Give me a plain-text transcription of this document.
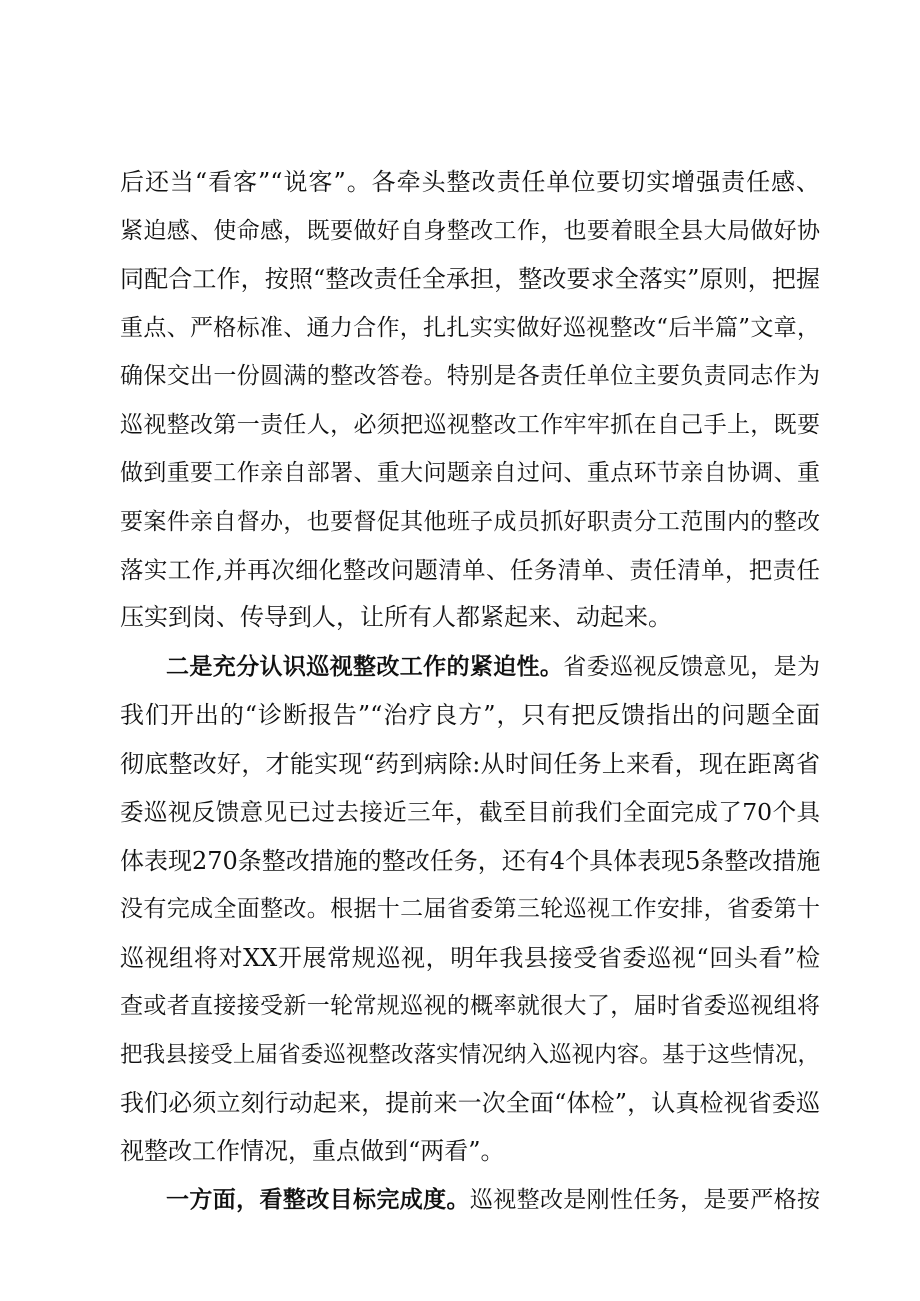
后还当“看客”“说客”。各牵头整改责任单位要切实增强责任感、
紧迫感、使命感，既要做好自身整改工作，也要着眼全县大局做好协
同配合工作，按照“整改责任全承担，整改要求全落实”原则，把握
重点、严格标准、通力合作，扎扎实实做好巡视整改“后半篇”文章，
确保交出一份圆满的整改答卷。特别是各责任单位主要负责同志作为
巡视整改第一责任人，必须把巡视整改工作牢牢抓在自己手上，既要
做到重要工作亲自部署、重大问题亲自过问、重点环节亲自协调、重
要案件亲自督办，也要督促其他班子成员抓好职责分工范围内的整改
落实工作,并再次细化整改问题清单、任务清单、责任清单，把责任
压实到岗、传导到人，让所有人都紧起来、动起来。
二是充分认识巡视整改工作的紧迫性。省委巡视反馈意见，是为
我们开出的“诊断报告”“治疗良方”，只有把反馈指出的问题全面
彻底整改好，才能实现“药到病除:从时间任务上来看，现在距离省
委巡视反馈意见已过去接近三年，截至目前我们全面完成了70个具
体表现270条整改措施的整改任务，还有4个具体表现5条整改措施
没有完成全面整改。根据十二届省委第三轮巡视工作安排，省委第十
巡视组将对XX开展常规巡视，明年我县接受省委巡视“回头看”检
查或者直接接受新一轮常规巡视的概率就很大了，届时省委巡视组将
把我县接受上届省委巡视整改落实情况纳入巡视内容。基于这些情况，
我们必须立刻行动起来，提前来一次全面“体检”，认真检视省委巡
视整改工作情况，重点做到“两看”。
一方面，看整改目标完成度。巡视整改是刚性任务，是要严格按
